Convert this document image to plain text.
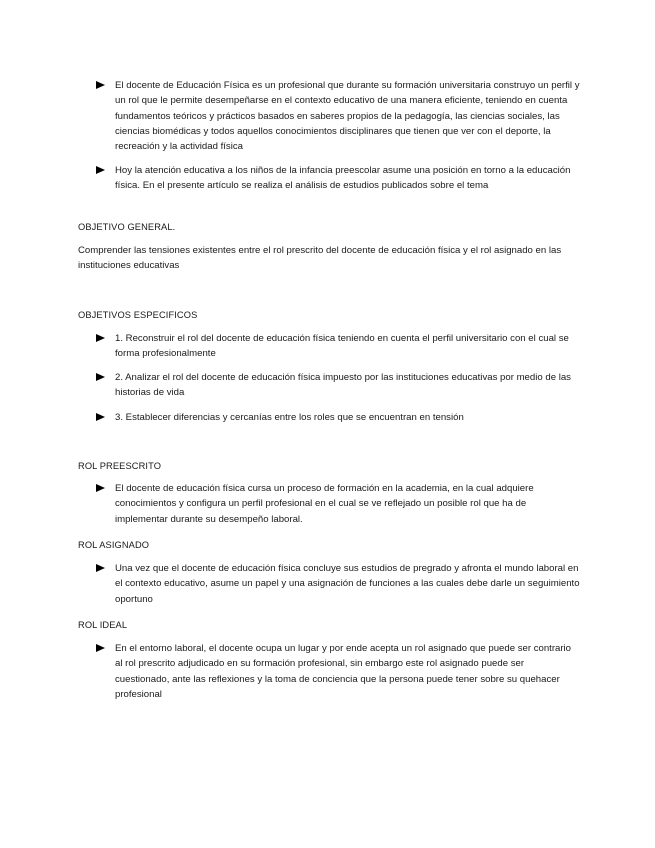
El docente de Educación Física es un profesional que durante su formación universitaria construyo un perfil y un rol que le permite desempeñarse en el contexto educativo de una manera eficiente, teniendo en cuenta fundamentos teóricos y prácticos basados en saberes propios de la pedagogía, las ciencias sociales, las ciencias biomédicas y todos aquellos conocimientos disciplinares que tienen que ver con el deporte, la recreación y la actividad física
Hoy la atención educativa a los niños de la infancia preescolar asume una posición en torno a la educación física. En el presente artículo se realiza el análisis de estudios publicados sobre el tema
OBJETIVO GENERAL.
Comprender las tensiones existentes entre el rol prescrito del docente de educación física y el rol asignado en las instituciones educativas
OBJETIVOS ESPECIFICOS
1. Reconstruir el rol del docente de educación física teniendo en cuenta el perfil universitario con el cual se forma profesionalmente
2. Analizar el rol del docente de educación física impuesto por las instituciones educativas por medio de las historias de vida
3. Establecer diferencias y cercanías entre los roles que se encuentran en tensión
ROL PREESCRITO
El docente de educación física cursa un proceso de formación en la academia, en la cual adquiere conocimientos y configura un perfil profesional en el cual se ve reflejado un posible rol que ha de implementar durante su desempeño laboral.
ROL ASIGNADO
Una vez que el docente de educación física concluye sus estudios de pregrado y afronta el mundo laboral en el contexto educativo, asume un papel y una asignación de funciones a las cuales debe darle un seguimiento oportuno
ROL IDEAL
En el entorno laboral, el docente ocupa un lugar y por ende acepta un rol asignado que puede ser contrario al rol prescrito adjudicado en su formación profesional, sin embargo este rol asignado puede ser cuestionado, ante las reflexiones y la toma de conciencia que la persona puede tener sobre su quehacer profesional
